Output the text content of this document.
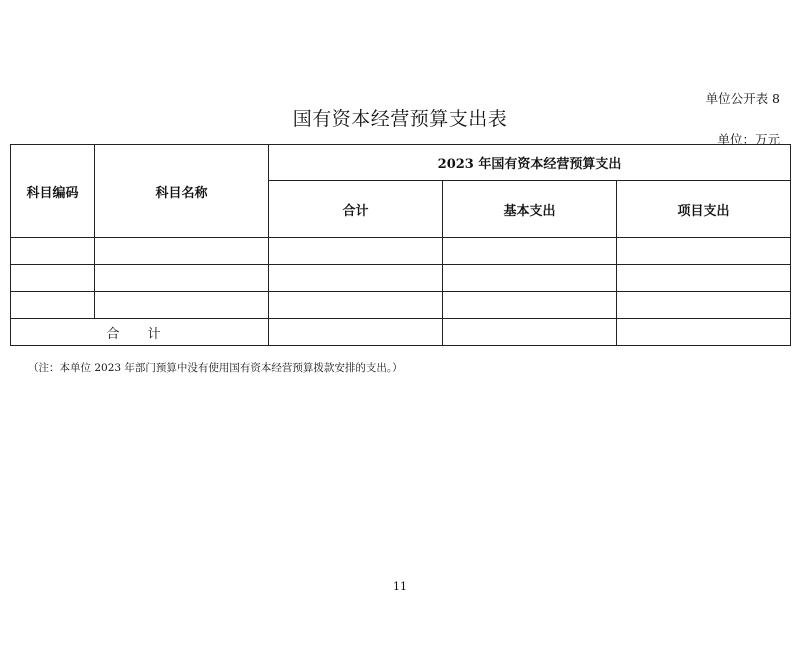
单位公开表 8
国有资本经营预算支出表
单位：万元
科目编码	科目名称	2023 年国有资本经营预算支出		
		合计	基本支出	项目支出

合 计				
（注：本单位 2023 年部门预算中没有使用国有资本经营预算拨款安排的支出。）
11
